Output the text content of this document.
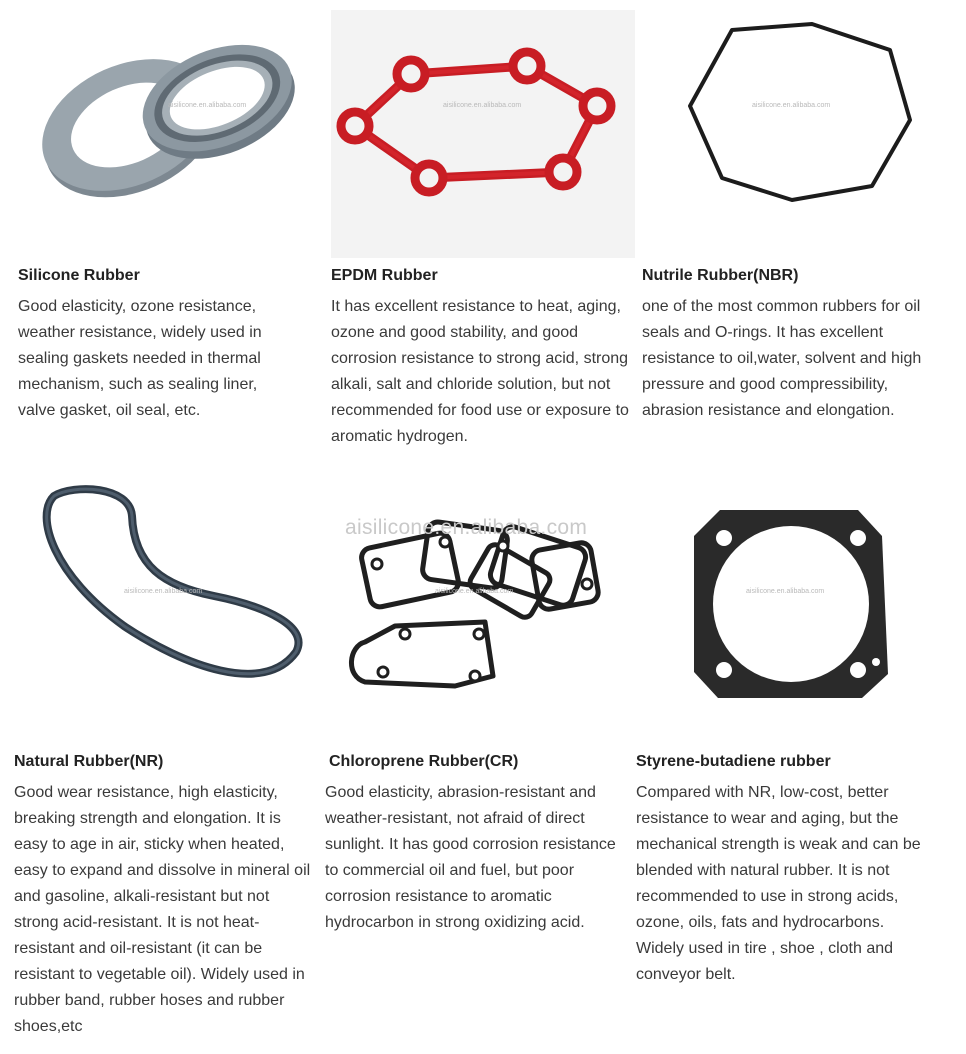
aisilicone.en.alibaba.com
Silicone Rubber
Good elasticity, ozone resistance, weather resistance, widely used in sealing gaskets needed in thermal mechanism, such as sealing liner, valve gasket, oil seal, etc.
aisilicone.en.alibaba.com
EPDM Rubber
It has excellent resistance to heat, aging, ozone and good stability, and good corrosion resistance to strong acid, strong alkali, salt and chloride solution, but not recommended for food use or exposure to aromatic hydrogen.
aisilicone.en.alibaba.com
Nutrile Rubber(NBR)
one of the most common rubbers for oil seals and O-rings. It has excellent resistance to oil,water, solvent and high pressure and good compressibility, abrasion resistance and elongation.
aisilicone.en.alibaba.com
Natural Rubber(NR)
Good wear resistance, high elasticity, breaking strength and elongation. It is easy to age in air, sticky when heated, easy to expand and dissolve in mineral oil and gasoline, alkali-resistant but not strong acid-resistant. It is not heat-resistant and oil-resistant (it can be resistant to vegetable oil). Widely used in rubber band, rubber hoses and rubber shoes,etc
aisilicone.en.alibaba.com
aisilicone.en.alibaba.com
Chloroprene Rubber(CR)
Good elasticity, abrasion-resistant and weather-resistant, not afraid of direct sunlight. It has good corrosion resistance to commercial oil and fuel, but poor corrosion resistance to aromatic hydrocarbon in strong oxidizing acid.
aisilicone.en.alibaba.com
Styrene-butadiene rubber
Compared with NR, low-cost, better resistance to wear and aging, but the mechanical strength is weak and can be blended with natural rubber. It is not recommended to use in strong acids, ozone, oils, fats and hydrocarbons. Widely used in tire , shoe , cloth and conveyor belt.
